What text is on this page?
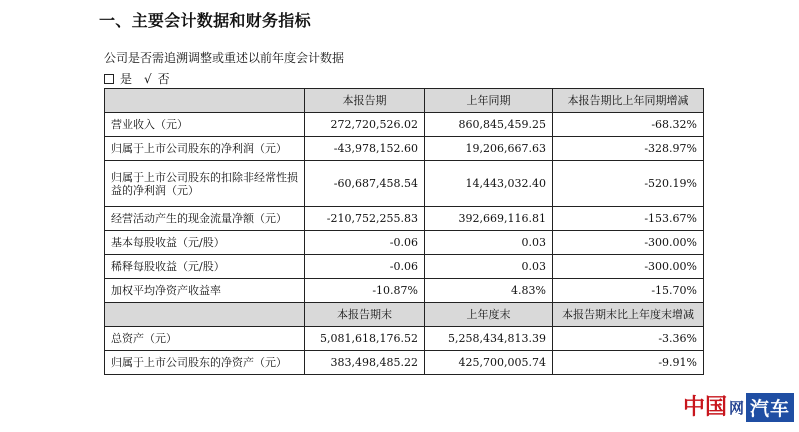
一、主要会计数据和财务指标
公司是否需追溯调整或重述以前年度会计数据
是 √ 否
	本报告期	上年同期	本报告期比上年同期增减
营业收入（元）	272,720,526.02	860,845,459.25	-68.32%
归属于上市公司股东的净利润（元）	-43,978,152.60	19,206,667.63	-328.97%
归属于上市公司股东的扣除非经常性损益的净利润（元）	-60,687,458.54	14,443,032.40	-520.19%
经营活动产生的现金流量净额（元）	-210,752,255.83	392,669,116.81	-153.67%
基本每股收益（元/股）	-0.06	0.03	-300.00%
稀释每股收益（元/股）	-0.06	0.03	-300.00%
加权平均净资产收益率	-10.87%	4.83%	-15.70%
	本报告期末	上年度末	本报告期末比上年度末增减
总资产（元）	5,081,618,176.52	5,258,434,813.39	-3.36%
归属于上市公司股东的净资产（元）	383,498,485.22	425,700,005.74	-9.91%
中国 网 汽车
